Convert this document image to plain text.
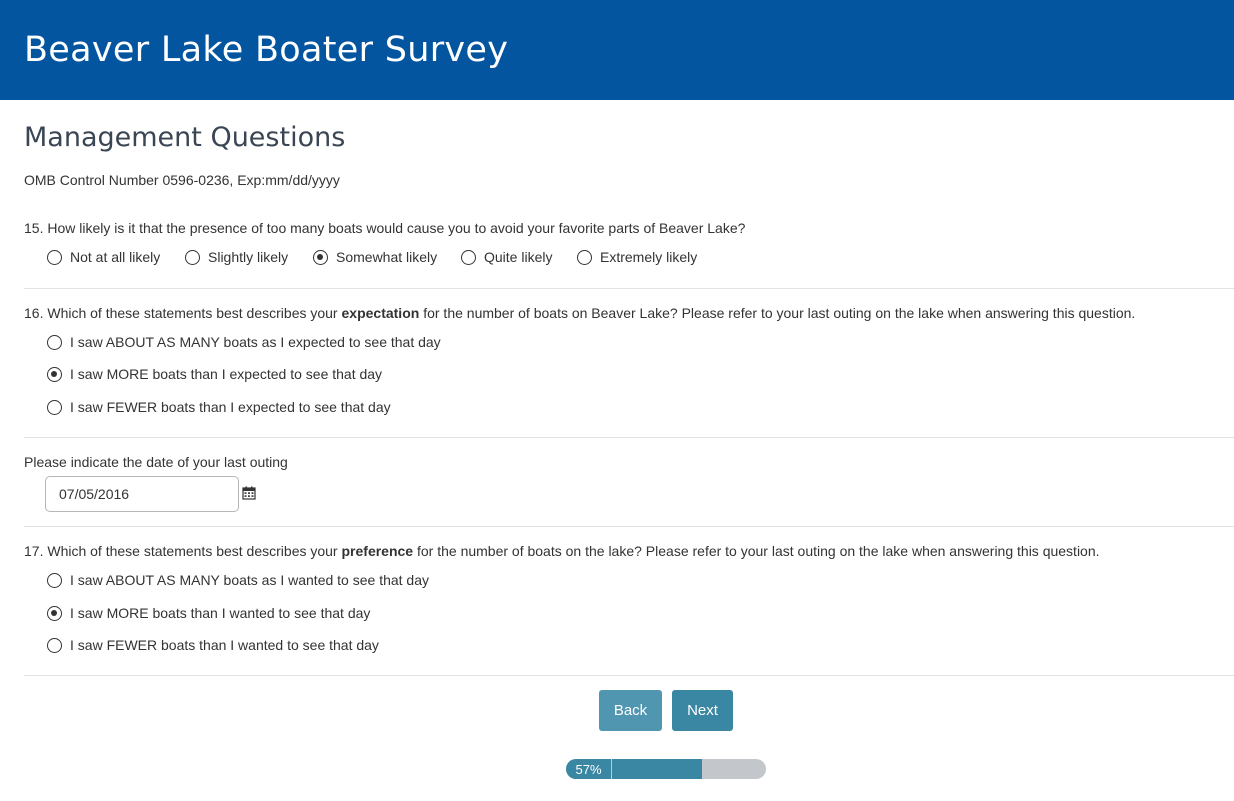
Beaver Lake Boater Survey
Management Questions
OMB Control Number 0596-0236, Exp:mm/dd/yyyy
15. How likely is it that the presence of too many boats would cause you to avoid your favorite parts of Beaver Lake?
Not at all likely	Slightly likely	Somewhat likely	Quite likely	Extremely likely
16. Which of these statements best describes your expectation for the number of boats on Beaver Lake? Please refer to your last outing on the lake when answering this question.
I saw ABOUT AS MANY boats as I expected to see that day
I saw MORE boats than I expected to see that day
I saw FEWER boats than I expected to see that day
Please indicate the date of your last outing
07/05/2016
17. Which of these statements best describes your preference for the number of boats on the lake? Please refer to your last outing on the lake when answering this question.
I saw ABOUT AS MANY boats as I wanted to see that day
I saw MORE boats than I wanted to see that day
I saw FEWER boats than I wanted to see that day
Back	Next
57%
